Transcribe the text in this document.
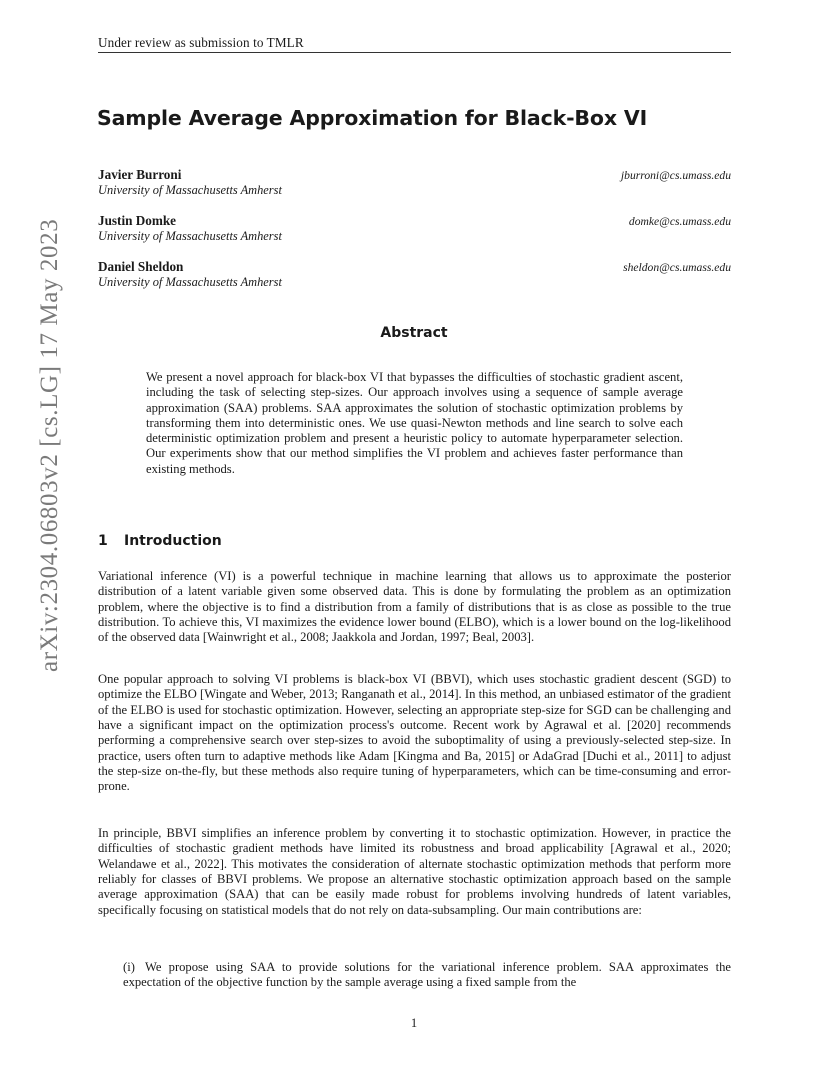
Under review as submission to TMLR
Sample Average Approximation for Black-Box VI
Javier Burroni
University of Massachusetts Amherst
jburroni@cs.umass.edu
Justin Domke
University of Massachusetts Amherst
domke@cs.umass.edu
Daniel Sheldon
University of Massachusetts Amherst
sheldon@cs.umass.edu
arXiv:2304.06803v2 [cs.LG] 17 May 2023	Abstract
We present a novel approach for black-box VI that bypasses the difficulties of stochastic gradient ascent, including the task of selecting step-sizes. Our approach involves using a sequence of sample average approximation (SAA) problems. SAA approximates the solution of stochastic optimization problems by transforming them into deterministic ones. We use quasi-Newton methods and line search to solve each deterministic optimization problem and present a heuristic policy to automate hyperparameter selection. Our experiments show that our method simplifies the VI problem and achieves faster performance than existing methods.
1 Introduction
Variational inference (VI) is a powerful technique in machine learning that allows us to approximate the posterior distribution of a latent variable given some observed data. This is done by formulating the problem as an optimization problem, where the objective is to find a distribution from a family of distributions that is as close as possible to the true distribution. To achieve this, VI maximizes the evidence lower bound (ELBO), which is a lower bound on the log-likelihood of the observed data [Wainwright et al., 2008; Jaakkola and Jordan, 1997; Beal, 2003].
One popular approach to solving VI problems is black-box VI (BBVI), which uses stochastic gradient descent (SGD) to optimize the ELBO [Wingate and Weber, 2013; Ranganath et al., 2014]. In this method, an unbiased estimator of the gradient of the ELBO is used for stochastic optimization. However, selecting an appropriate step-size for SGD can be challenging and have a significant impact on the optimization process's outcome. Recent work by Agrawal et al. [2020] recommends performing a comprehensive search over step-sizes to avoid the suboptimality of using a previously-selected step-size. In practice, users often turn to adaptive methods like Adam [Kingma and Ba, 2015] or AdaGrad [Duchi et al., 2011] to adjust the step-size on-the-fly, but these methods also require tuning of hyperparameters, which can be time-consuming and error-prone.
In principle, BBVI simplifies an inference problem by converting it to stochastic optimization. However, in practice the difficulties of stochastic gradient methods have limited its robustness and broad applicability [Agrawal et al., 2020; Welandawe et al., 2022]. This motivates the consideration of alternate stochastic optimization methods that perform more reliably for classes of BBVI problems. We propose an alternative stochastic optimization approach based on the sample average approximation (SAA) that can be easily made robust for problems involving hundreds of latent variables, specifically focusing on statistical models that do not rely on data-subsampling. Our main contributions are:
(i) We propose using SAA to provide solutions for the variational inference problem. SAA approximates the expectation of the objective function by the sample average using a fixed sample from the
1
